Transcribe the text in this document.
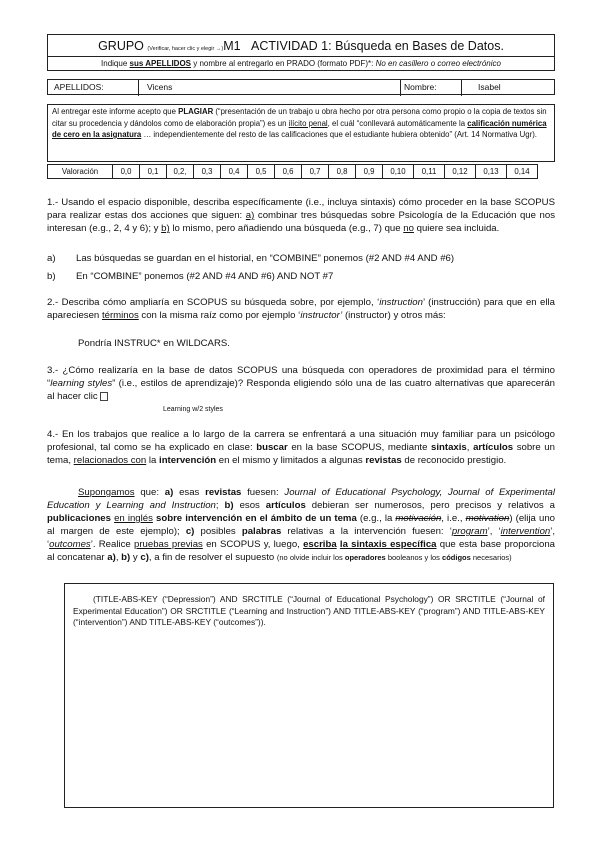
GRUPO (Verificar, hacer clic y elegir →)M1 ACTIVIDAD 1: Búsqueda en Bases de Datos.
Indique sus APELLIDOS y nombre al entregarlo en PRADO (formato PDF)*: No en casillero o correo electrónico
APELLIDOS:	Vicens	Nombre:	Isabel
Al entregar este informe acepto que PLAGIAR (“presentación de un trabajo u obra hecho por otra persona como propio o la copia de textos sin citar su procedencia y dándolos como de elaboración propia”) es un ilícito penal, el cuál “conllevará automáticamente la calificación numérica de cero en la asignatura … independientemente del resto de las calificaciones que el estudiante hubiera obtenido” (Art. 14 Normativa Ugr).
Valoración	0,0	0,1	0,2,	0,3	0,4	0,5	0,6	0,7	0,8	0,9	0,10	0,11	0,12	0,13	0,14
1.- Usando el espacio disponible, describa específicamente (i.e., incluya sintaxis) cómo proceder en la base SCOPUS para realizar estas dos acciones que siguen: a) combinar tres búsquedas sobre Psicología de la Educación que nos interesan (e.g., 2, 4 y 6); y b) lo mismo, pero añadiendo una búsqueda (e.g., 7) que no quiere sea incluida.
a) Las búsquedas se guardan en el historial, en “COMBINE” ponemos (#2 AND #4 AND #6)
b) En “COMBINE” ponemos (#2 AND #4 AND #6) AND NOT #7
2.- Describa cómo ampliaría en SCOPUS su búsqueda sobre, por ejemplo, ‘instruction’ (instrucción) para que en ella apareciesen términos con la misma raíz como por ejemplo ‘instructor’ (instructor) y otros más:
Pondría INSTRUC* en WILDCARS.
3.- ¿Cómo realizaría en la base de datos SCOPUS una búsqueda con operadores de proximidad para el término “learning styles” (i.e., estilos de aprendizaje)? Responda eligiendo sólo una de las cuatro alternativas que aparecerán al hacer clic
Learning w/2 styles
4.- En los trabajos que realice a lo largo de la carrera se enfrentará a una situación muy familiar para un psicólogo profesional, tal como se ha explicado en clase: buscar en la base SCOPUS, mediante sintaxis, artículos sobre un tema, relacionados con la intervención en el mismo y limitados a algunas revistas de reconocido prestigio.
Supongamos que: a) esas revistas fuesen: Journal of Educational Psychology, Journal of Experimental Education y Learning and Instruction; b) esos artículos debieran ser numerosos, pero precisos y relativos a publicaciones en inglés sobre intervención en el ámbito de un tema (e.g., la motivación, i.e., motivation) (elija uno al margen de este ejemplo); c) posibles palabras relativas a la intervención fuesen: ‘program’, ‘intervention’, ‘outcomes’. Realice pruebas previas en SCOPUS y, luego, escriba la sintaxis específica que esta base proporciona al concatenar a), b) y c), a fin de resolver el supuesto (no olvide incluir los operadores booleanos y los códigos necesarios)
(TITLE-ABS-KEY (“Depression”) AND SRCTITLE (“Journal of Educational Psychology”) OR SRCTITLE (“Journal of Experimental Education”) OR SRCTITLE (“Learning and Instruction”) AND TITLE-ABS-KEY (“program”) AND TITLE-ABS-KEY (“intervention”) AND TITLE-ABS-KEY (“outcomes”)).
